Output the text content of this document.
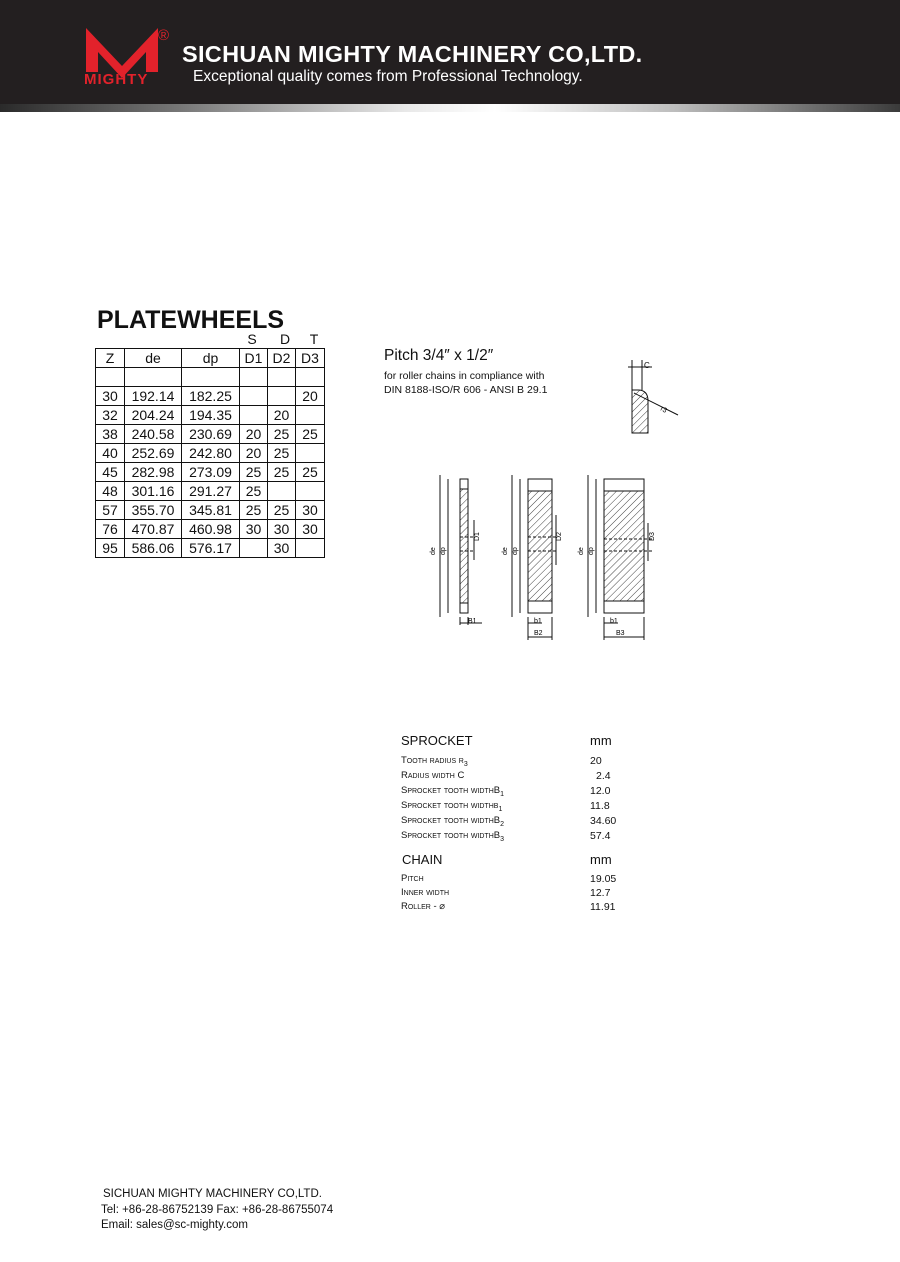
®
MIGHTY
SICHUAN MIGHTY MACHINERY CO,LTD.
Exceptional quality comes from Professional Technology.
PLATEWHEELS
S	D	T
Z	de	dp	D1	D2	D3

30	192.14	182.25			20
32	204.24	194.35		20	
38	240.58	230.69	20	25	25
40	252.69	242.80	20	25	
45	282.98	273.09	25	25	25
48	301.16	291.27	25		
57	355.70	345.81	25	25	30
76	470.87	460.98	30	30	30
95	586.06	576.17		30	
Pitch 3/4″ x 1/2″
for roller chains in compliance with
DIN 8188-ISO/R 606 - ANSI B 29.1
C
r3
de dp
D1
B1
de dp
D2
b1
B2
de dp
D3
b1
B3
SPROCKET	mm
Tooth radius $r_3$	20
Radius width C	2.4
Sprocket tooth widthB$_1$	12.0
Sprocket tooth widthb$_1$	11.8
Sprocket tooth widthB$_2$	34.60
Sprocket tooth widthB$_3$	57.4
CHAIN	mm
Pitch	19.05
Inner width	12.7
Roller - ⌀	11.91
SICHUAN MIGHTY MACHINERY CO,LTD.
Tel: +86-28-86752139 Fax: +86-28-86755074
Email: sales@sc-mighty.com
